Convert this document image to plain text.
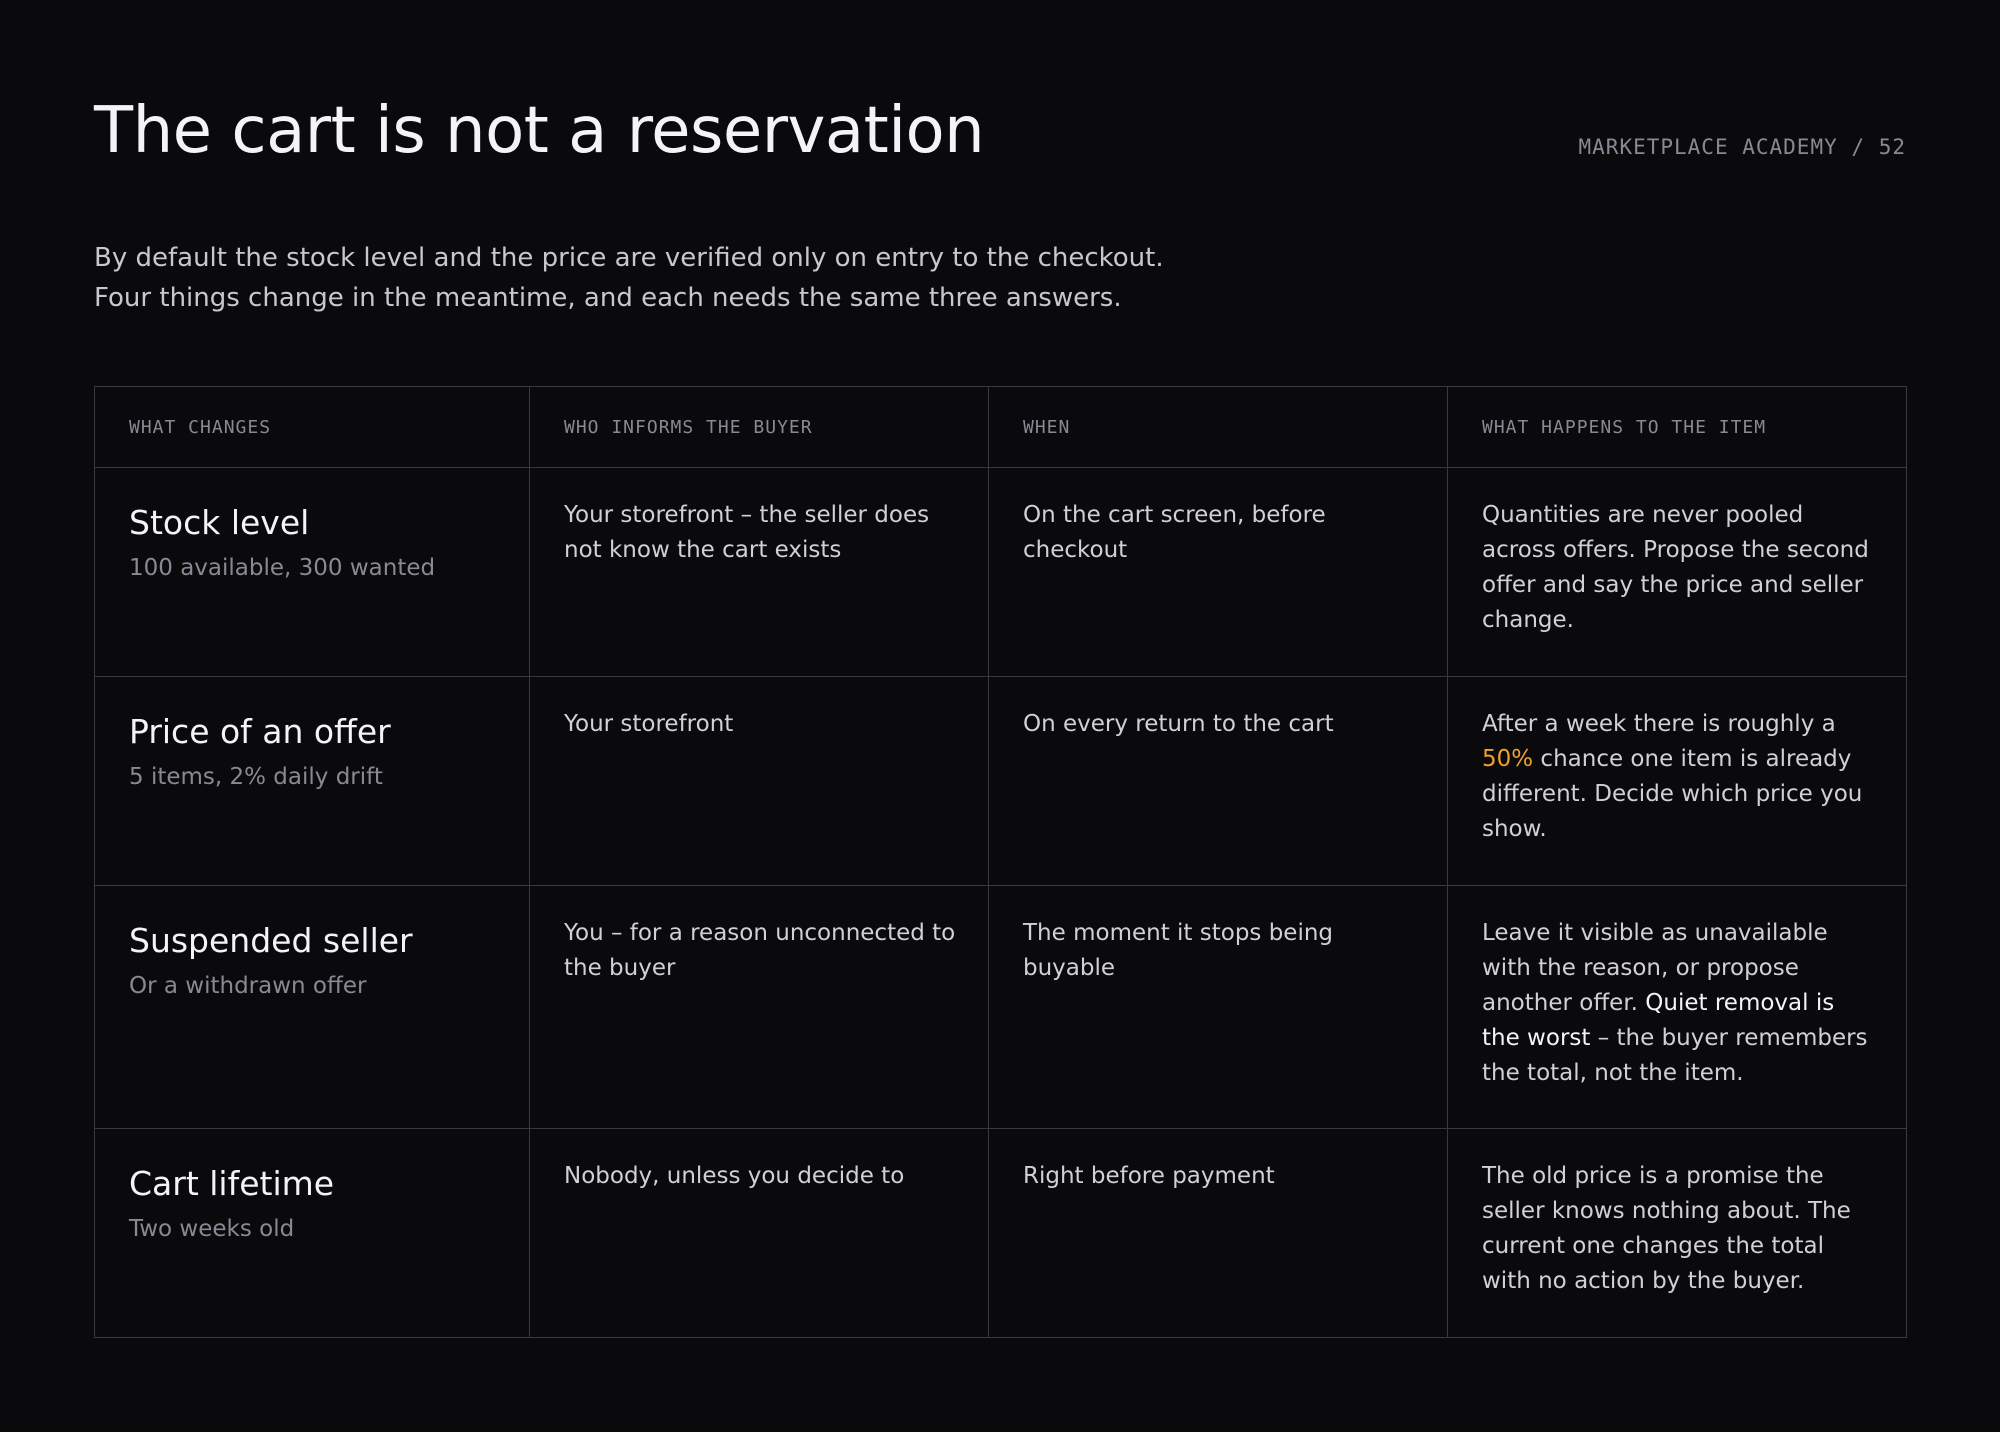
The cart is not a reservation	MARKETPLACE ACADEMY / 52

By default the stock level and the price are verified only on entry to the checkout.

Four things change in the meantime, and each needs the same three answers.

WHAT CHANGES	WHO INFORMS THE BUYER	WHEN	WHAT HAPPENS TO THE ITEM

Stock level
100 available, 300 wanted	Your storefront – the seller does not know the cart exists	On the cart screen, before checkout	Quantities are never pooled across offers. Propose the second offer and say the price and seller change.

Price of an offer
5 items, 2% daily drift	Your storefront	On every return to the cart	After a week there is roughly a 50% chance one item is already different. Decide which price you show.

Suspended seller
Or a withdrawn offer	You – for a reason unconnected to the buyer	The moment it stops being buyable	Leave it visible as unavailable with the reason, or propose another offer. Quiet removal is the worst – the buyer remembers the total, not the item.

Cart lifetime
Two weeks old	Nobody, unless you decide to	Right before payment	The old price is a promise the seller knows nothing about. The current one changes the total with no action by the buyer.
